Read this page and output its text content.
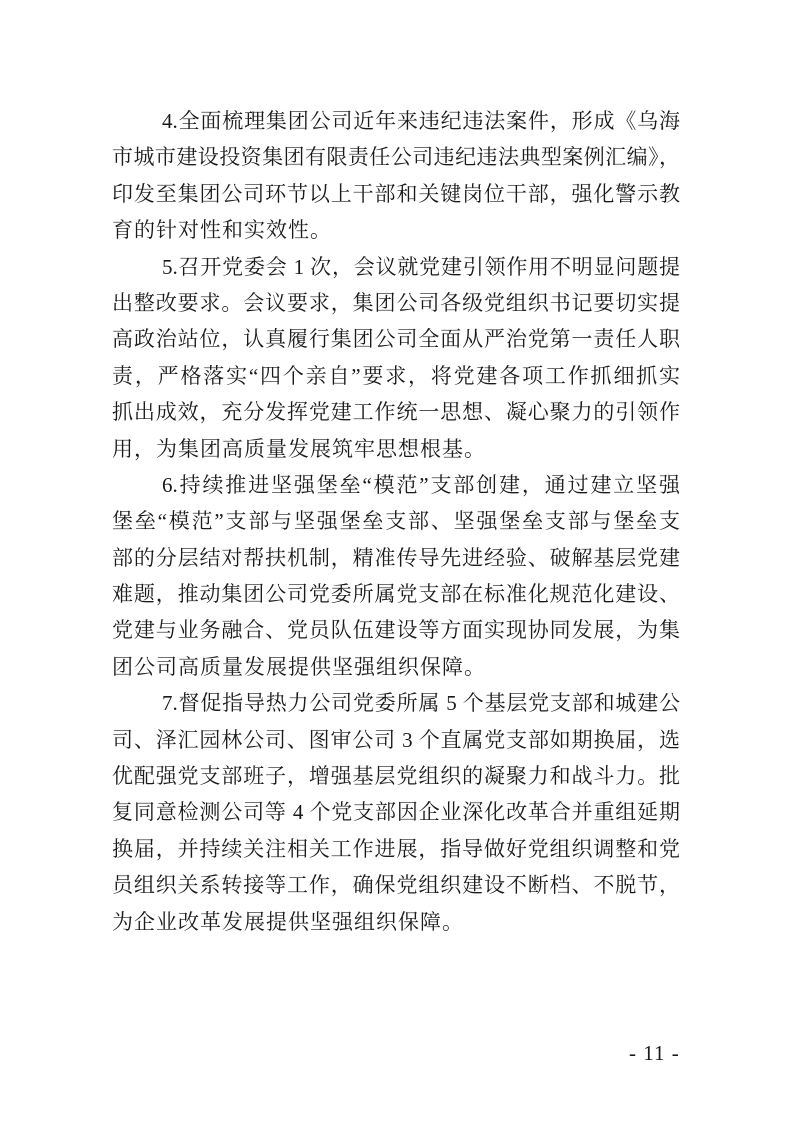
4.全面梳理集团公司近年来违纪违法案件，形成《乌海
市城市建设投资集团有限责任公司违纪违法典型案例汇编》，
印发至集团公司环节以上干部和关键岗位干部，强化警示教
育的针对性和实效性。
5.召开党委会 1 次，会议就党建引领作用不明显问题提
出整改要求。会议要求，集团公司各级党组织书记要切实提
高政治站位，认真履行集团公司全面从严治党第一责任人职
责，严格落实“四个亲自”要求，将党建各项工作抓细抓实
抓出成效，充分发挥党建工作统一思想、凝心聚力的引领作
用，为集团高质量发展筑牢思想根基。
6.持续推进坚强堡垒“模范”支部创建，通过建立坚强
堡垒“模范”支部与坚强堡垒支部、坚强堡垒支部与堡垒支
部的分层结对帮扶机制，精准传导先进经验、破解基层党建
难题，推动集团公司党委所属党支部在标准化规范化建设、
党建与业务融合、党员队伍建设等方面实现协同发展，为集
团公司高质量发展提供坚强组织保障。
7.督促指导热力公司党委所属 5 个基层党支部和城建公
司、泽汇园林公司、图审公司 3 个直属党支部如期换届，选
优配强党支部班子，增强基层党组织的凝聚力和战斗力。批
复同意检测公司等 4 个党支部因企业深化改革合并重组延期
换届，并持续关注相关工作进展，指导做好党组织调整和党
员组织关系转接等工作，确保党组织建设不断档、不脱节，
为企业改革发展提供坚强组织保障。
- 11 -
